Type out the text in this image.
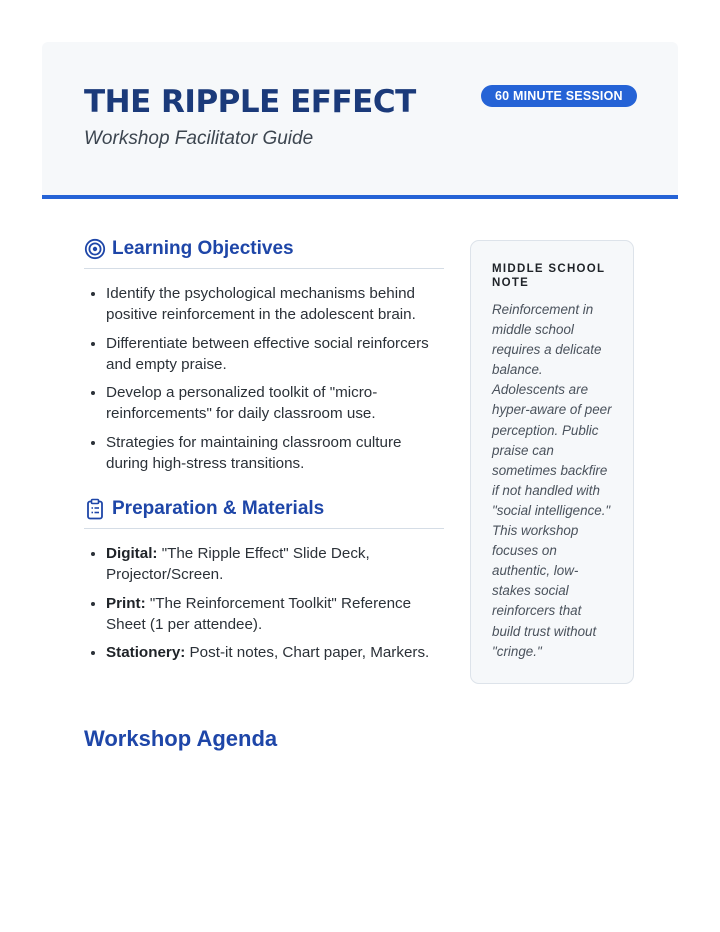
THE RIPPLE EFFECT
Workshop Facilitator Guide
60 MINUTE SESSION
Learning Objectives
• Identify the psychological mechanisms behind positive reinforcement in the adolescent brain.
• Differentiate between effective social reinforcers and empty praise.
• Develop a personalized toolkit of "micro-reinforcements" for daily classroom use.
• Strategies for maintaining classroom culture during high-stress transitions.
Preparation & Materials
• Digital: "The Ripple Effect" Slide Deck, Projector/Screen.
• Print: "The Reinforcement Toolkit" Reference Sheet (1 per attendee).
• Stationery: Post-it notes, Chart paper, Markers.
Workshop Agenda
MIDDLE SCHOOL NOTE
Reinforcement in middle school requires a delicate balance. Adolescents are hyper-aware of peer perception. Public praise can sometimes backfire if not handled with "social intelligence." This workshop focuses on authentic, low-stakes social reinforcers that build trust without "cringe."
